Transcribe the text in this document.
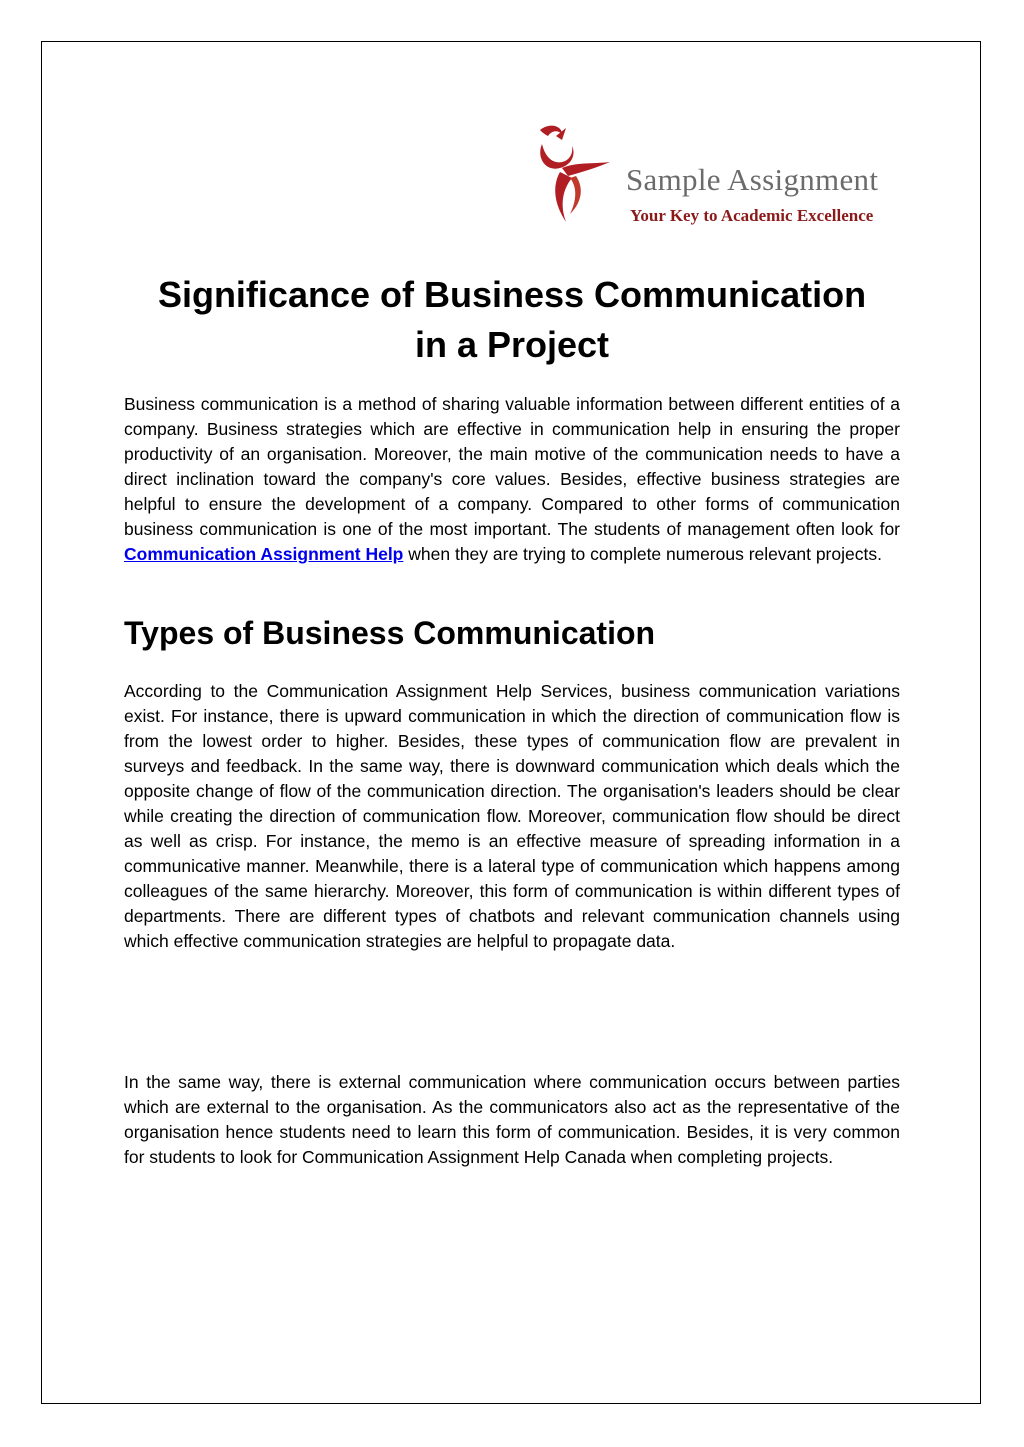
Sample Assignment
Your Key to Academic Excellence
Significance of Business Communication
in a Project

Business communication is a method of sharing valuable information between different entities of a company. Business strategies which are effective in communication help in ensuring the proper productivity of an organisation. Moreover, the main motive of the communication needs to have a direct inclination toward the company's core values. Besides, effective business strategies are helpful to ensure the development of a company. Compared to other forms of communication business communication is one of the most important. The students of management often look for Communication Assignment Help when they are trying to complete numerous relevant projects.

Types of Business Communication

According to the Communication Assignment Help Services, business communication variations exist. For instance, there is upward communication in which the direction of communication flow is from the lowest order to higher. Besides, these types of communication flow are prevalent in surveys and feedback. In the same way, there is downward communication which deals which the opposite change of flow of the communication direction. The organisation's leaders should be clear while creating the direction of communication flow. Moreover, communication flow should be direct as well as crisp. For instance, the memo is an effective measure of spreading information in a communicative manner. Meanwhile, there is a lateral type of communication which happens among colleagues of the same hierarchy. Moreover, this form of communication is within different types of departments. There are different types of chatbots and relevant communication channels using which effective communication strategies are helpful to propagate data.

In the same way, there is external communication where communication occurs between parties which are external to the organisation. As the communicators also act as the representative of the organisation hence students need to learn this form of communication. Besides, it is very common for students to look for Communication Assignment Help Canada when completing projects.
